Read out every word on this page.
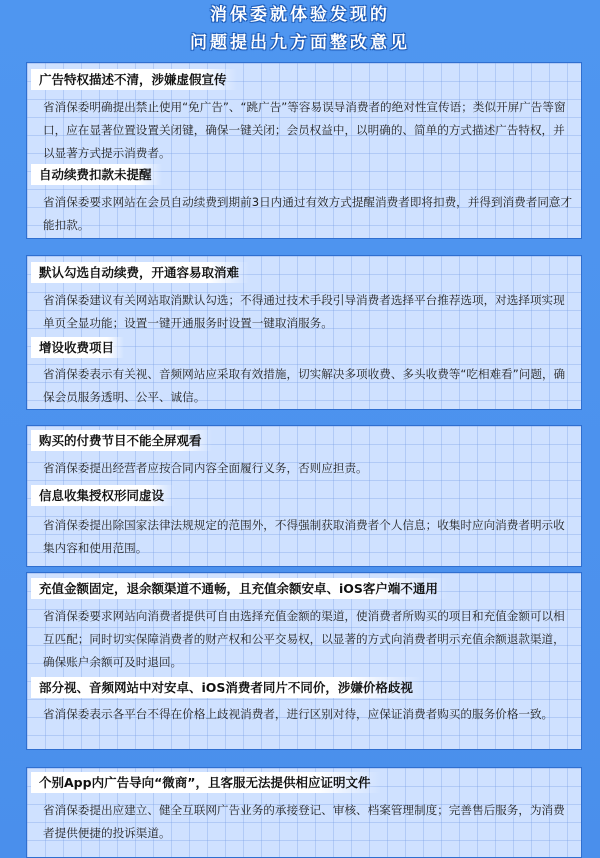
消保委就体验发现的
问题提出九方面整改意见
广告特权描述不清，涉嫌虚假宣传
省消保委明确提出禁止使用“免广告”、“跳广告”等容易误导消费者的绝对性宣传语；类似开屏广告等窗口，应在显著位置设置关闭键，确保一键关闭；会员权益中，以明确的、简单的方式描述广告特权，并以显著方式提示消费者。
自动续费扣款未提醒
省消保委要求网站在会员自动续费到期前3日内通过有效方式提醒消费者即将扣费，并得到消费者同意才能扣款。
默认勾选自动续费，开通容易取消难
省消保委建议有关网站取消默认勾选；不得通过技术手段引导消费者选择平台推荐选项，对选择项实现单页全显功能；设置一键开通服务时设置一键取消服务。
增设收费项目
省消保委表示有关视、音频网站应采取有效措施，切实解决多项收费、多头收费等“吃相难看”问题，确保会员服务透明、公平、诚信。
购买的付费节目不能全屏观看
省消保委提出经营者应按合同内容全面履行义务，否则应担责。
信息收集授权形同虚设
省消保委提出除国家法律法规规定的范围外，不得强制获取消费者个人信息；收集时应向消费者明示收集内容和使用范围。
充值金额固定，退余额渠道不通畅，且充值余额安卓、iOS客户端不通用
省消保委要求网站向消费者提供可自由选择充值金额的渠道，使消费者所购买的项目和充值金额可以相互匹配；同时切实保障消费者的财产权和公平交易权，以显著的方式向消费者明示充值余额退款渠道，确保账户余额可及时退回。
部分视、音频网站中对安卓、iOS消费者同片不同价，涉嫌价格歧视
省消保委表示各平台不得在价格上歧视消费者，进行区别对待，应保证消费者购买的服务价格一致。
个别App内广告导向“微商”，且客服无法提供相应证明文件
省消保委提出应建立、健全互联网广告业务的承接登记、审核、档案管理制度；完善售后服务，为消费者提供便捷的投诉渠道。
